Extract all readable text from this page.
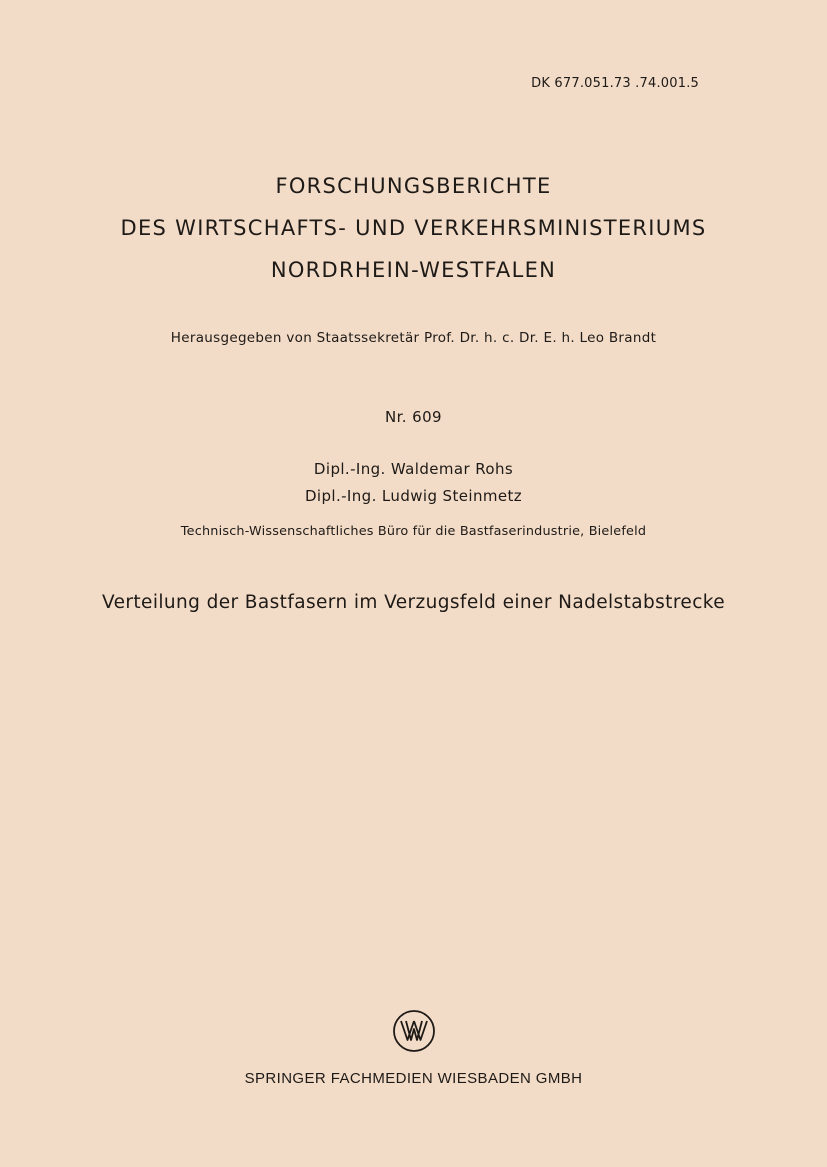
DK 677.051.73 .74.001.5
FORSCHUNGSBERICHTE
DES WIRTSCHAFTS- UND VERKEHRSMINISTERIUMS
NORDRHEIN-WESTFALEN
Herausgegeben von Staatssekretär Prof. Dr. h. c. Dr. E. h. Leo Brandt
Nr. 609
Dipl.-Ing. Waldemar Rohs
Dipl.-Ing. Ludwig Steinmetz
Technisch-Wissenschaftliches Büro für die Bastfaserindustrie, Bielefeld
Verteilung der Bastfasern im Verzugsfeld einer Nadelstabstrecke
SPRINGER FACHMEDIEN WIESBADEN GMBH
